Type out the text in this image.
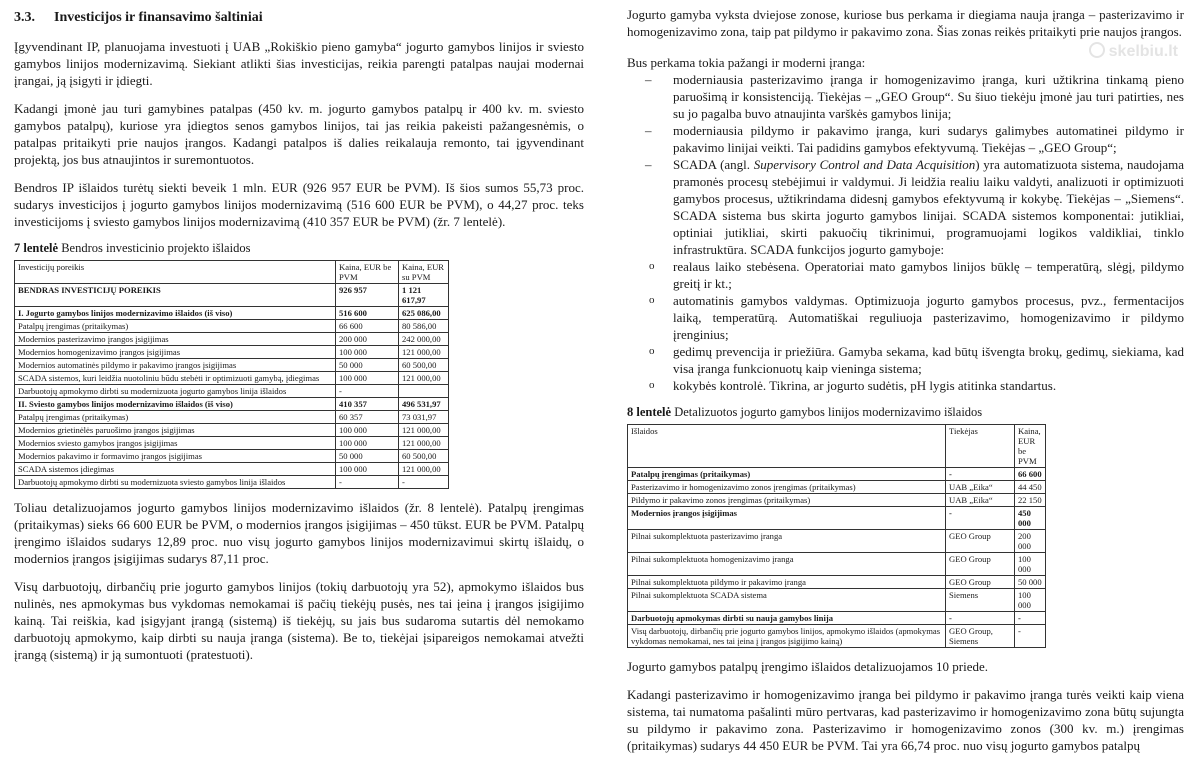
skelbiu.lt
3.3. Investicijos ir finansavimo šaltiniai

Įgyvendinant IP, planuojama investuoti į UAB „Rokiškio pieno gamyba“ jogurto gamybos linijos ir sviesto gamybos linijos modernizavimą. Siekiant atlikti šias investicijas, reikia parengti patalpas naujai modernai įrangai, ją įsigyti ir įdiegti.

Kadangi įmonė jau turi gamybines patalpas (450 kv. m. jogurto gamybos patalpų ir 400 kv. m. sviesto gamybos patalpų), kuriose yra įdiegtos senos gamybos linijos, tai jas reikia pakeisti pažangesnėmis, o patalpas pritaikyti prie naujos įrangos. Kadangi patalpos iš dalies reikalauja remonto, tai įgyvendinant projektą, jos bus atnaujintos ir suremontuotos.

Bendros IP išlaidos turėtų siekti beveik 1 mln. EUR (926 957 EUR be PVM). Iš šios sumos 55,73 proc. sudarys investicijos į jogurto gamybos linijos modernizavimą (516 600 EUR be PVM), o 44,27 proc. teks investicijoms į sviesto gamybos linijos modernizavimą (410 357 EUR be PVM) (žr. 7 lentelė).

7 lentelė Bendros investicinio projekto išlaidos
Investicijų poreikis	Kaina, EUR be PVM	Kaina, EUR su PVM
BENDRAS INVESTICIJŲ POREIKIS	926 957	1 121 617,97
I. Jogurto gamybos linijos modernizavimo išlaidos (iš viso)	516 600	625 086,00
Patalpų įrengimas (pritaikymas)	66 600	80 586,00
Modernios pasterizavimo įrangos įsigijimas	200 000	242 000,00
Modernios homogenizavimo įrangos įsigijimas	100 000	121 000,00
Modernios automatinės pildymo ir pakavimo įrangos įsigijimas	50 000	60 500,00
SCADA sistemos, kuri leidžia nuotoliniu būdu stebėti ir optimizuoti gamybą, įdiegimas	100 000	121 000,00
Darbuotojų apmokymo dirbti su modernizuota jogurto gamybos linija išlaidos	-	
II. Sviesto gamybos linijos modernizavimo išlaidos (iš viso)	410 357	496 531,97
Patalpų įrengimas (pritaikymas)	60 357	73 031,97
Modernios grietinėlės paruošimo įrangos įsigijimas	100 000	121 000,00
Modernios sviesto gamybos įrangos įsigijimas	100 000	121 000,00
Modernios pakavimo ir formavimo įrangos įsigijimas	50 000	60 500,00
SCADA sistemos įdiegimas	100 000	121 000,00
Darbuotojų apmokymo dirbti su modernizuota sviesto gamybos linija išlaidos	-	-

Toliau detalizuojamos jogurto gamybos linijos modernizavimo išlaidos (žr. 8 lentelė). Patalpų įrengimas (pritaikymas) sieks 66 600 EUR be PVM, o modernios įrangos įsigijimas – 450 tūkst. EUR be PVM. Patalpų įrengimo išlaidos sudarys 12,89 proc. nuo visų jogurto gamybos linijos modernizavimui skirtų išlaidų, o modernios įrangos įsigijimas sudarys 87,11 proc.

Visų darbuotojų, dirbančių prie jogurto gamybos linijos (tokių darbuotojų yra 52), apmokymo išlaidos bus nulinės, nes apmokymas bus vykdomas nemokamai iš pačių tiekėjų pusės, nes tai įeina į įrangos įsigijimo kainą. Tai reiškia, kad įsigyjant įrangą (sistemą) iš tiekėjų, su jais bus sudaroma sutartis dėl nemokamo darbuotojų apmokymo, kaip dirbti su nauja įranga (sistema). Be to, tiekėjai įsipareigos nemokamai atvežti įrangą (sistemą) ir ją sumontuoti (pratestuoti).

Jogurto gamyba vyksta dviejose zonose, kuriose bus perkama ir diegiama nauja įranga – pasterizavimo ir homogenizavimo zona, taip pat pildymo ir pakavimo zona. Šias zonas reikės pritaikyti prie naujos įrangos.

Bus perkama tokia pažangi ir moderni įranga:

– moderniausia pasterizavimo įranga ir homogenizavimo įranga, kuri užtikrina tinkamą pieno paruošimą ir konsistenciją. Tiekėjas – „GEO Group“. Su šiuo tiekėju įmonė jau turi patirties, nes su jo pagalba buvo atnaujinta varškės gamybos linija;
– moderniausia pildymo ir pakavimo įranga, kuri sudarys galimybes automatinei pildymo ir pakavimo linijai veikti. Tai padidins gamybos efektyvumą. Tiekėjas – „GEO Group“;
– SCADA (angl. Supervisory Control and Data Acquisition) yra automatizuota sistema, naudojama pramonės procesų stebėjimui ir valdymui. Ji leidžia realiu laiku valdyti, analizuoti ir optimizuoti gamybos procesus, užtikrindama didesnį gamybos efektyvumą ir kokybę. Tiekėjas – „Siemens“. SCADA sistema bus skirta jogurto gamybos linijai. SCADA sistemos komponentai: jutikliai, optiniai jutikliai, skirti pakuočių tikrinimui, programuojami logikos valdikliai, tinklo infrastruktūra. SCADA funkcijos jogurto gamyboje:
o realaus laiko stebėsena. Operatoriai mato gamybos linijos būklę – temperatūrą, slėgį, pildymo greitį ir kt.;
o automatinis gamybos valdymas. Optimizuoja jogurto gamybos procesus, pvz., fermentacijos laiką, temperatūrą. Automatiškai reguliuoja pasterizavimo, homogenizavimo ir pildymo įrenginius;
o gedimų prevencija ir priežiūra. Gamyba sekama, kad būtų išvengta brokų, gedimų, siekiama, kad visa įranga funkcionuotų kaip vieninga sistema;
o kokybės kontrolė. Tikrina, ar jogurto sudėtis, pH lygis atitinka standartus.
8 lentelė Detalizuotos jogurto gamybos linijos modernizavimo išlaidos
Išlaidos	Tiekėjas	Kaina, EUR be PVM
Patalpų įrengimas (pritaikymas)	-	66 600
Pasterizavimo ir homogenizavimo zonos įrengimas (pritaikymas)	UAB „Eika“	44 450
Pildymo ir pakavimo zonos įrengimas (pritaikymas)	UAB „Eika“	22 150
Modernios įrangos įsigijimas	-	450 000
Pilnai sukomplektuota pasterizavimo įranga	GEO Group	200 000
Pilnai sukomplektuota homogenizavimo įranga	GEO Group	100 000
Pilnai sukomplektuota pildymo ir pakavimo įranga	GEO Group	50 000
Pilnai sukomplektuota SCADA sistema	Siemens	100 000
Darbuotojų apmokymas dirbti su nauja gamybos linija	-	-
Visų darbuotojų, dirbančių prie jogurto gamybos linijos, apmokymo išlaidos (apmokymas vykdomas nemokamai, nes tai įeina į įrangos įsigijimo kainą)	GEO Group, Siemens	-

Jogurto gamybos patalpų įrengimo išlaidos detalizuojamos 10 priede.

Kadangi pasterizavimo ir homogenizavimo įranga bei pildymo ir pakavimo įranga turės veikti kaip viena sistema, tai numatoma pašalinti mūro pertvaras, kad pasterizavimo ir homogenizavimo zona būtų sujungta su pildymo ir pakavimo zona. Pasterizavimo ir homogenizavimo zonos (300 kv. m.) įrengimas (pritaikymas) sudarys 44 450 EUR be PVM. Tai yra 66,74 proc. nuo visų jogurto gamybos patalpų
